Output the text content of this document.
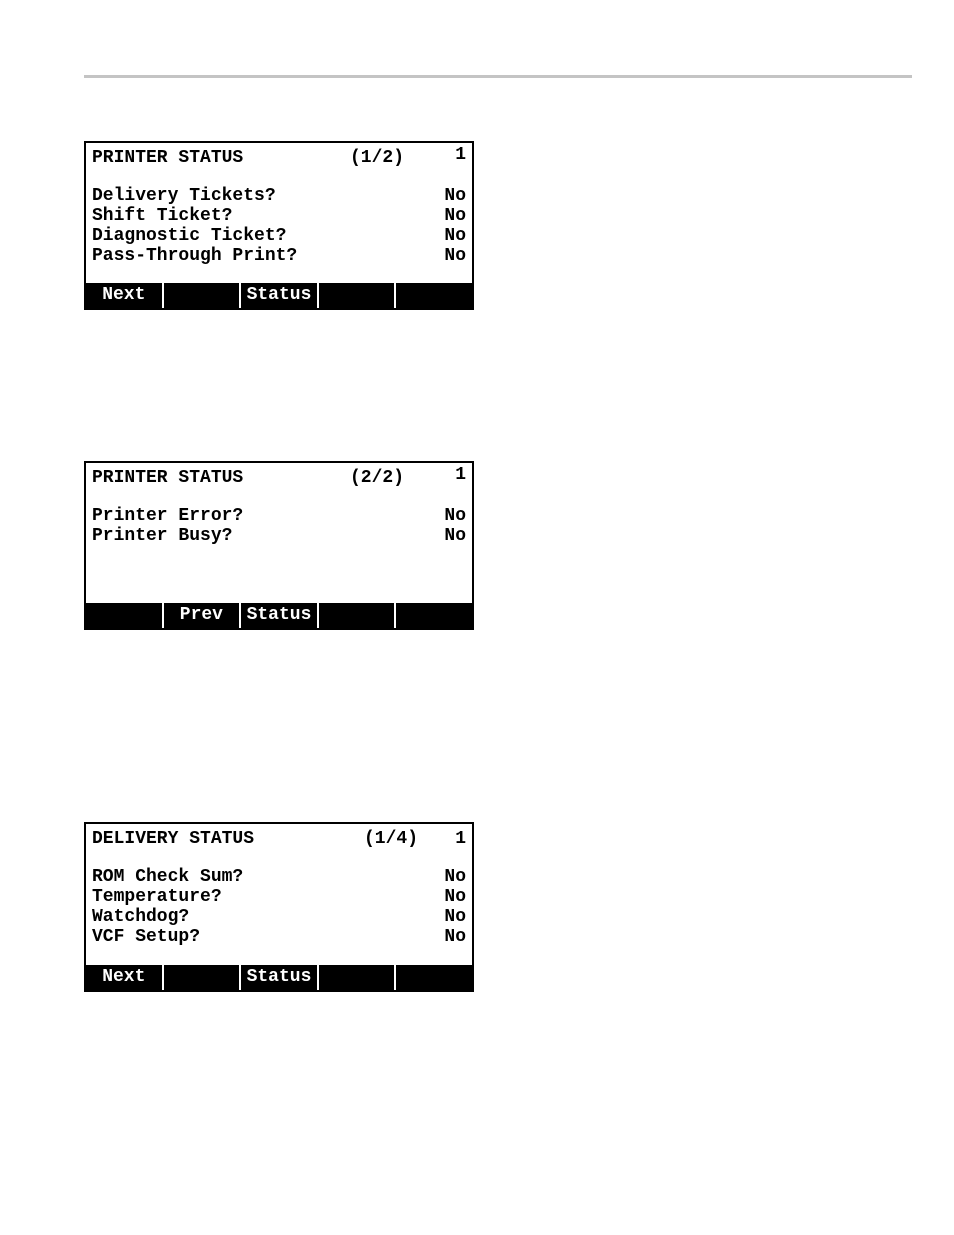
PRINTER STATUS	(1/2)	1
Delivery Tickets?	No
Shift Ticket?	No
Diagnostic Ticket?	No
Pass-Through Print?	No
Next	Status
PRINTER STATUS	(2/2)	1
Printer Error?	No
Printer Busy?	No
Prev	Status
DELIVERY STATUS	(1/4) 1
ROM Check Sum?	No
Temperature?	No
Watchdog?	No
VCF Setup?	No
Next	Status
